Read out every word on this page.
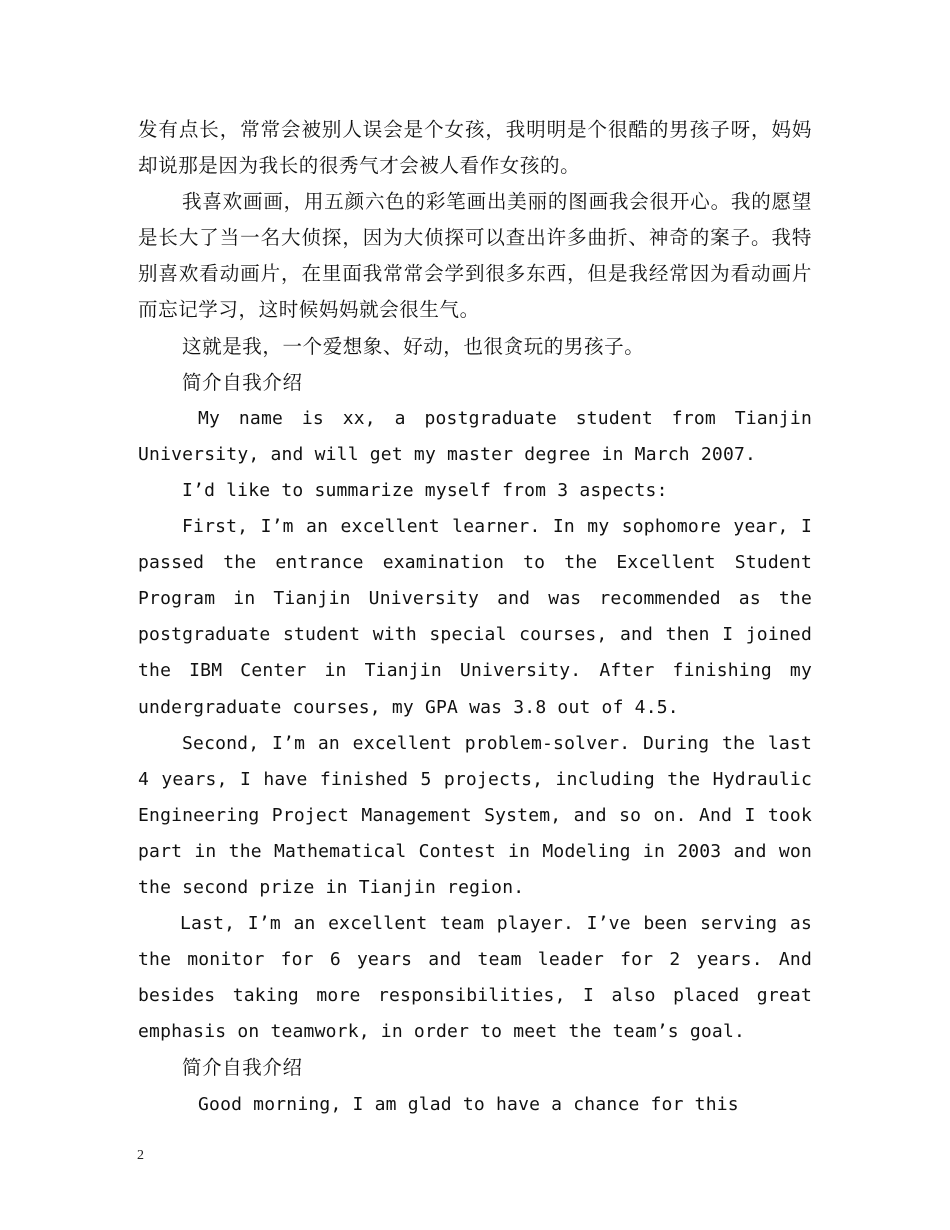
发有点长，常常会被别人误会是个女孩，我明明是个很酷的男孩子呀，妈妈却说那是因为我长的很秀气才会被人看作女孩的。

我喜欢画画，用五颜六色的彩笔画出美丽的图画我会很开心。我的愿望是长大了当一名大侦探，因为大侦探可以查出许多曲折、神奇的案子。我特别喜欢看动画片，在里面我常常会学到很多东西，但是我经常因为看动画片而忘记学习，这时候妈妈就会很生气。

这就是我，一个爱想象、好动，也很贪玩的男孩子。

简介自我介绍

My name is xx, a postgraduate student from Tianjin University, and will get my master degree in March 2007.

I’d like to summarize myself from 3 aspects:

First, I’m an excellent learner. In my sophomore year, I passed the entrance examination to the Excellent Student Program in Tianjin University and was recommended as the postgraduate student with special courses, and then I joined the IBM Center in Tianjin University. After finishing my undergraduate courses, my GPA was 3.8 out of 4.5.

Second, I’m an excellent problem-solver. During the last 4 years, I have finished 5 projects, including the Hydraulic Engineering Project Management System, and so on. And I took part in the Mathematical Contest in Modeling in 2003 and won the second prize in Tianjin region.

Last, I’m an excellent team player. I’ve been serving as the monitor for 6 years and team leader for 2 years. And besides taking more responsibilities, I also placed great emphasis on teamwork, in order to meet the team’s goal.

简介自我介绍

Good morning, I am glad to have a chance for this

2
